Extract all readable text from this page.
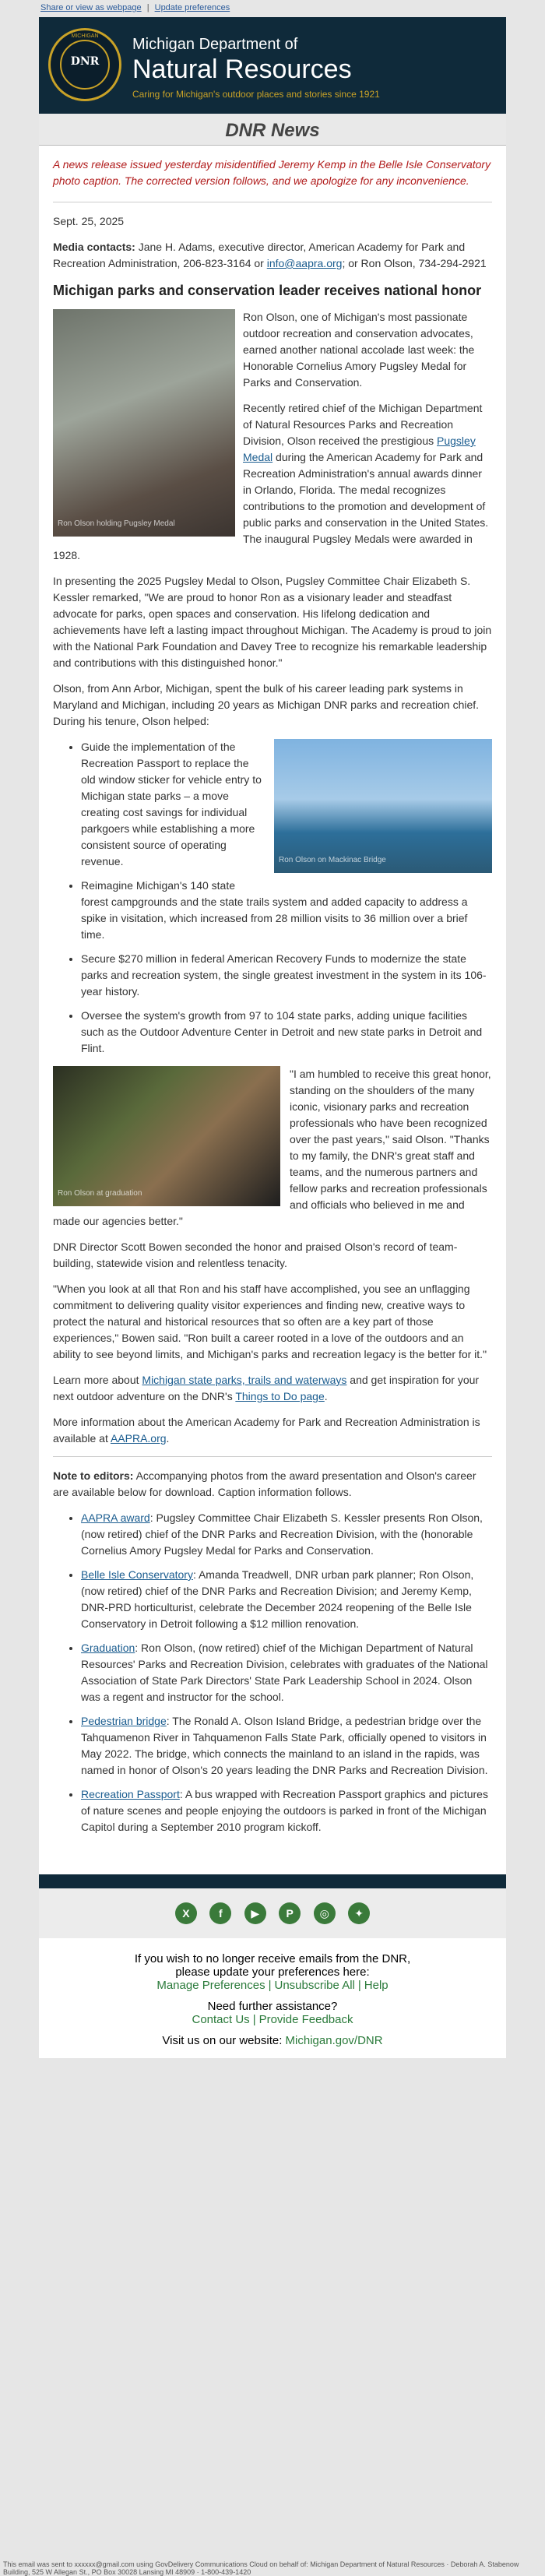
Share or view as webpage | Update preferences
MICHIGAN
DNR
Michigan Department of
Natural Resources
Caring for Michigan's outdoor places and stories since 1921
DNR News

A news release issued yesterday misidentified Jeremy Kemp in the Belle Isle Conservatory photo caption. The corrected version follows, and we apologize for any inconvenience.

Sept. 25, 2025

Media contacts: Jane H. Adams, executive director, American Academy for Park and Recreation Administration, 206-823-3164 or info@aapra.org; or Ron Olson, 734-294-2921

Michigan parks and conservation leader receives national honor
Ron Olson holding Pugsley Medal

Ron Olson, one of Michigan's most passionate outdoor recreation and conservation advocates, earned another national accolade last week: the Honorable Cornelius Amory Pugsley Medal for Parks and Conservation.

Recently retired chief of the Michigan Department of Natural Resources Parks and Recreation Division, Olson received the prestigious Pugsley Medal during the American Academy for Park and Recreation Administration's annual awards dinner in Orlando, Florida. The medal recognizes contributions to the promotion and development of public parks and conservation in the United States. The inaugural Pugsley Medals were awarded in 1928.

In presenting the 2025 Pugsley Medal to Olson, Pugsley Committee Chair Elizabeth S. Kessler remarked, "We are proud to honor Ron as a visionary leader and steadfast advocate for parks, open spaces and conservation. His lifelong dedication and achievements have left a lasting impact throughout Michigan. The Academy is proud to join with the National Park Foundation and Davey Tree to recognize his remarkable leadership and contributions with this distinguished honor."

Olson, from Ann Arbor, Michigan, spent the bulk of his career leading park systems in Maryland and Michigan, including 20 years as Michigan DNR parks and recreation chief. During his tenure, Olson helped:

Ron Olson on Mackinac Bridge
• Guide the implementation of the Recreation Passport to replace the old window sticker for vehicle entry to Michigan state parks – a move creating cost savings for individual parkgoers while establishing a more consistent source of operating revenue.
• Reimagine Michigan's 140 state forest campgrounds and the state trails system and added capacity to address a spike in visitation, which increased from 28 million visits to 36 million over a brief time.
• Secure $270 million in federal American Recovery Funds to modernize the state parks and recreation system, the single greatest investment in the system in its 106-year history.
• Oversee the system's growth from 97 to 104 state parks, adding unique facilities such as the Outdoor Adventure Center in Detroit and new state parks in Detroit and Flint.
Ron Olson at graduation

"I am humbled to receive this great honor, standing on the shoulders of the many iconic, visionary parks and recreation professionals who have been recognized over the past years," said Olson. "Thanks to my family, the DNR's great staff and teams, and the numerous partners and fellow parks and recreation professionals and officials who believed in me and made our agencies better."

DNR Director Scott Bowen seconded the honor and praised Olson's record of team-building, statewide vision and relentless tenacity.

"When you look at all that Ron and his staff have accomplished, you see an unflagging commitment to delivering quality visitor experiences and finding new, creative ways to protect the natural and historical resources that so often are a key part of those experiences," Bowen said. "Ron built a career rooted in a love of the outdoors and an ability to see beyond limits, and Michigan's parks and recreation legacy is the better for it."

Learn more about Michigan state parks, trails and waterways and get inspiration for your next outdoor adventure on the DNR's Things to Do page.

More information about the American Academy for Park and Recreation Administration is available at AAPRA.org.

Note to editors: Accompanying photos from the award presentation and Olson's career are available below for download. Caption information follows.

• AAPRA award: Pugsley Committee Chair Elizabeth S. Kessler presents Ron Olson, (now retired) chief of the DNR Parks and Recreation Division, with the (honorable Cornelius Amory Pugsley Medal for Parks and Conservation.
• Belle Isle Conservatory: Amanda Treadwell, DNR urban park planner; Ron Olson, (now retired) chief of the DNR Parks and Recreation Division; and Jeremy Kemp, DNR-PRD horticulturist, celebrate the December 2024 reopening of the Belle Isle Conservatory in Detroit following a $12 million renovation.
• Graduation: Ron Olson, (now retired) chief of the Michigan Department of Natural Resources' Parks and Recreation Division, celebrates with graduates of the National Association of State Park Directors' State Park Leadership School in 2024. Olson was a regent and instructor for the school.
• Pedestrian bridge: The Ronald A. Olson Island Bridge, a pedestrian bridge over the Tahquamenon River in Tahquamenon Falls State Park, officially opened to visitors in May 2022. The bridge, which connects the mainland to an island in the rapids, was named in honor of Olson's 20 years leading the DNR Parks and Recreation Division.
• Recreation Passport: A bus wrapped with Recreation Passport graphics and pictures of nature scenes and people enjoying the outdoors is parked in front of the Michigan Capitol during a September 2010 program kickoff.
X	f	▶ P ◎ ✦
If you wish to no longer receive emails from the DNR,
please update your preferences here:
Manage Preferences | Unsubscribe All | Help
Need further assistance?
Contact Us | Provide Feedback
Visit us on our website: Michigan.gov/DNR
This email was sent to xxxxxx@gmail.com using GovDelivery Communications Cloud on behalf of: Michigan Department of Natural Resources · Deborah A. Stabenow Building, 525 W Allegan St., PO Box 30028 Lansing MI 48909 · 1-800-439-1420
